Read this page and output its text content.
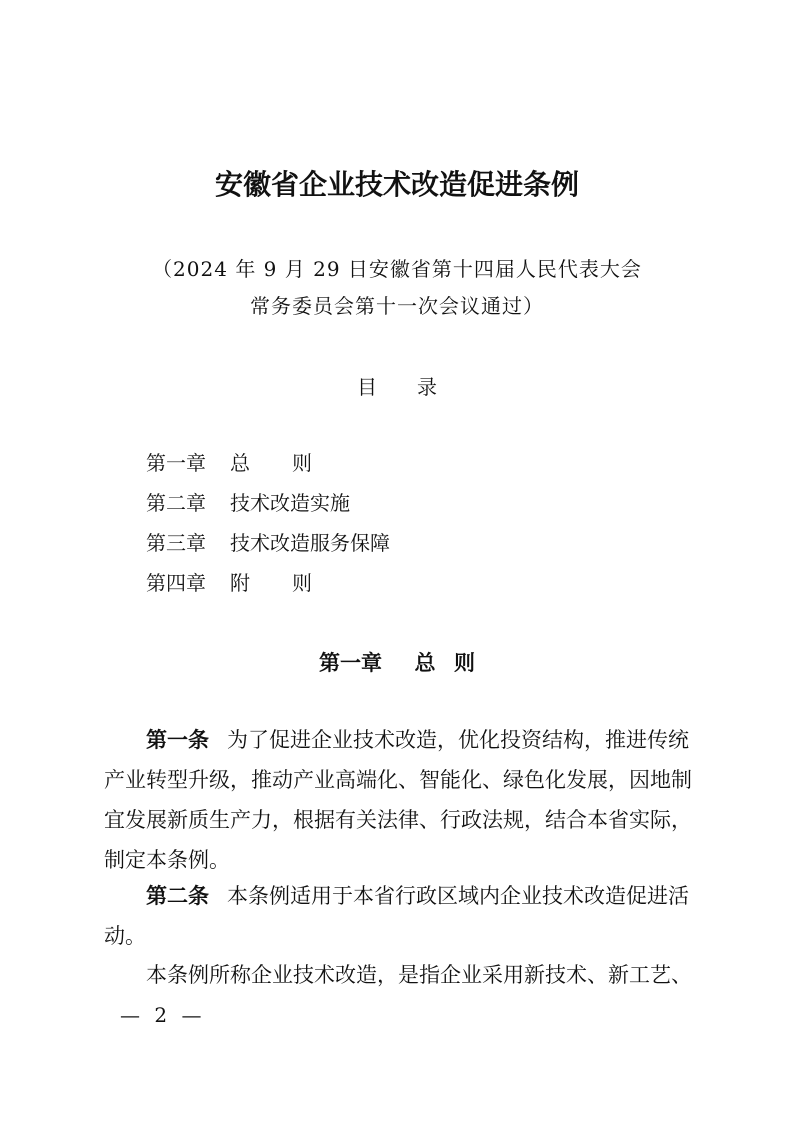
安徽省企业技术改造促进条例
（2024 年 9 月 29 日安徽省第十四届人民代表大会
常务委员会第十一次会议通过）
目 录
第一章 总 则
第二章 技术改造实施
第三章 技术改造服务保障
第四章 附 则
第一章 总 则
第一条 为了促进企业技术改造，优化投资结构，推进传统
产业转型升级，推动产业高端化、智能化、绿色化发展，因地制
宜发展新质生产力，根据有关法律、行政法规，结合本省实际，
制定本条例。
第二条 本条例适用于本省行政区域内企业技术改造促进活
动。
本条例所称企业技术改造，是指企业采用新技术、新工艺、
— 2 —
